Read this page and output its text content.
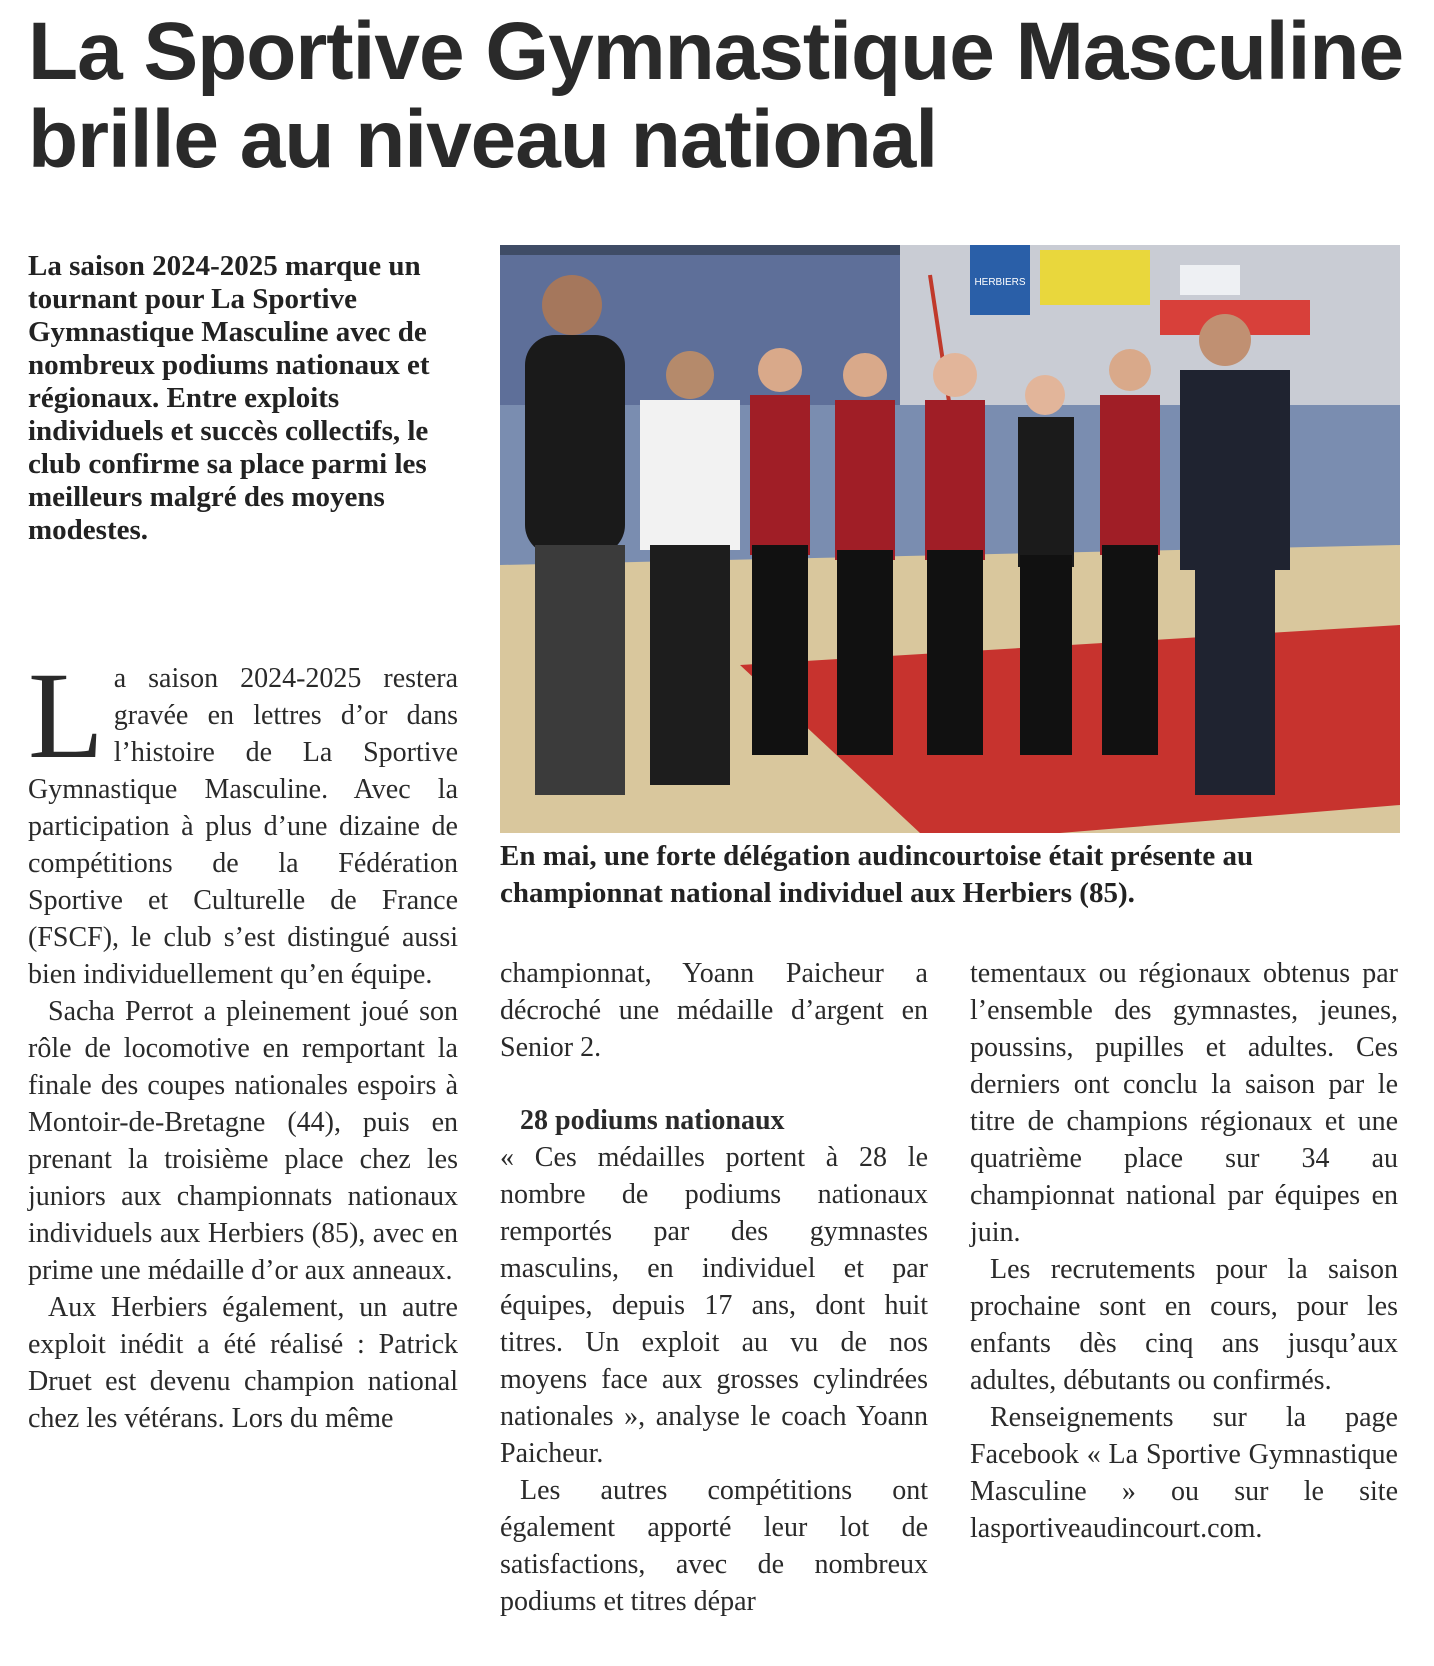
La Sportive Gymnastique Masculine brille au niveau national

La saison 2024-2025 marque un tournant pour La Sportive Gymnastique Masculine avec de nombreux podiums nationaux et régionaux. Entre exploits individuels et succès collectifs, le club confirme sa place parmi les meilleurs malgré des moyens modestes.

HERBIERS

En mai, une forte délégation audincourtoise était présente au championnat national individuel aux Herbiers (85).

La saison 2024-2025 restera gravée en lettres d’or dans l’histoire de La Sportive Gymnastique Masculine. Avec la participation à plus d’une dizaine de compétitions de la Fédération Sportive et Culturelle de France (FSCF), le club s’est distingué aussi bien individuellement qu’en équipe.

Sacha Perrot a pleinement joué son rôle de locomotive en remportant la finale des coupes nationales espoirs à Montoir-de-Bretagne (44), puis en prenant la troisième place chez les juniors aux championnats nationaux individuels aux Herbiers (85), avec en prime une médaille d’or aux anneaux.

Aux Herbiers également, un autre exploit inédit a été réalisé : Patrick Druet est devenu champion national chez les vétérans. Lors du même

championnat, Yoann Paicheur a décroché une médaille d’argent en Senior 2.

28 podiums nationaux

« Ces médailles portent à 28 le nombre de podiums nationaux remportés par des gymnastes masculins, en individuel et par équipes, depuis 17 ans, dont huit titres. Un exploit au vu de nos moyens face aux grosses cylindrées nationales », analyse le coach Yoann Paicheur.

Les autres compétitions ont également apporté leur lot de satisfactions, avec de nombreux podiums et titres dépar

tementaux ou régionaux obtenus par l’ensemble des gymnastes, jeunes, poussins, pupilles et adultes. Ces derniers ont conclu la saison par le titre de champions régionaux et une quatrième place sur 34 au championnat national par équipes en juin.

Les recrutements pour la saison prochaine sont en cours, pour les enfants dès cinq ans jusqu’aux adultes, débutants ou confirmés.

Renseignements sur la page Facebook « La Sportive Gymnastique Masculine » ou sur le site lasportiveaudincourt.com.
